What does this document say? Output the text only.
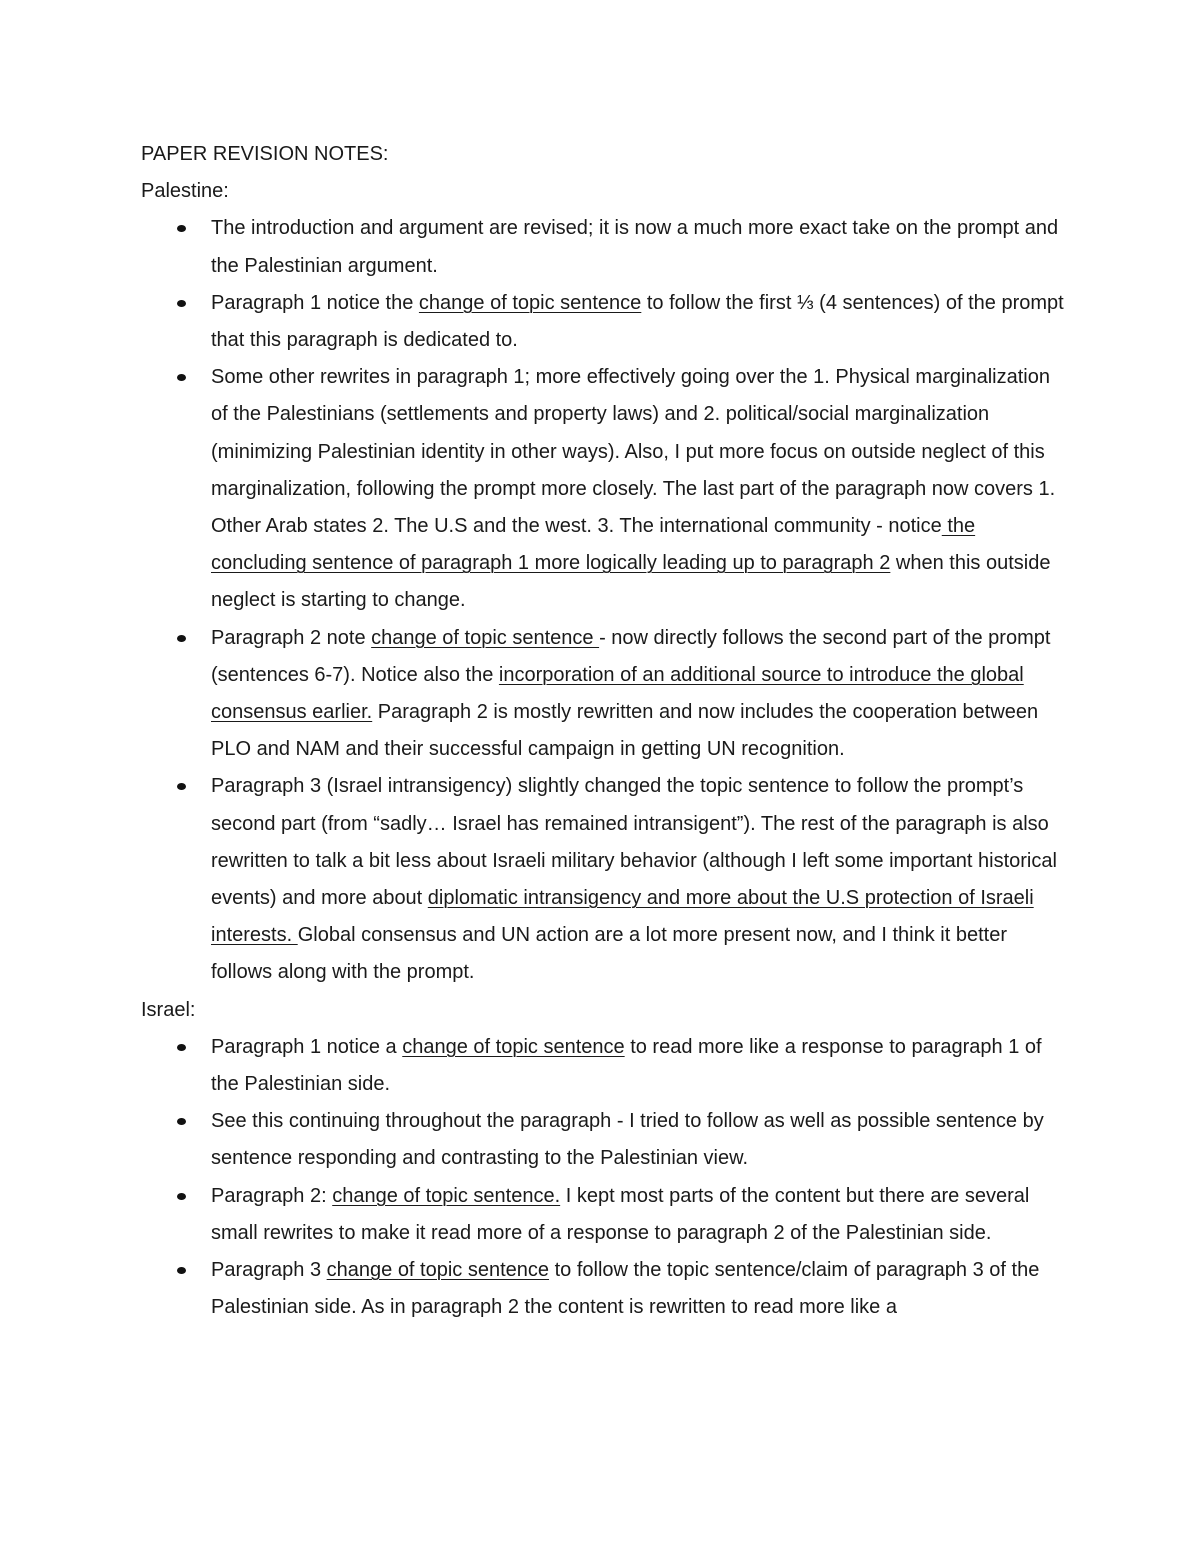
PAPER REVISION NOTES:

Palestine:

The introduction and argument are revised; it is now a much more exact take on the prompt and the Palestinian argument.
Paragraph 1 notice the change of topic sentence to follow the first ⅓ (4 sentences) of the prompt that this paragraph is dedicated to.
Some other rewrites in paragraph 1; more effectively going over the 1. Physical marginalization of the Palestinians (settlements and property laws) and 2. political/social marginalization (minimizing Palestinian identity in other ways). Also, I put more focus on outside neglect of this marginalization, following the prompt more closely. The last part of the paragraph now covers 1. Other Arab states 2. The U.S and the west. 3. The international community - notice the concluding sentence of paragraph 1 more logically leading up to paragraph 2 when this outside neglect is starting to change.
Paragraph 2 note change of topic sentence - now directly follows the second part of the prompt (sentences 6-7). Notice also the incorporation of an additional source to introduce the global consensus earlier. Paragraph 2 is mostly rewritten and now includes the cooperation between PLO and NAM and their successful campaign in getting UN recognition.
Paragraph 3 (Israel intransigency) slightly changed the topic sentence to follow the prompt’s second part (from “sadly… Israel has remained intransigent”). The rest of the paragraph is also rewritten to talk a bit less about Israeli military behavior (although I left some important historical events) and more about diplomatic intransigency and more about the U.S protection of Israeli interests. Global consensus and UN action are a lot more present now, and I think it better follows along with the prompt.

Israel:

Paragraph 1 notice a change of topic sentence to read more like a response to paragraph 1 of the Palestinian side.
See this continuing throughout the paragraph - I tried to follow as well as possible sentence by sentence responding and contrasting to the Palestinian view.
Paragraph 2: change of topic sentence. I kept most parts of the content but there are several small rewrites to make it read more of a response to paragraph 2 of the Palestinian side.
Paragraph 3 change of topic sentence to follow the topic sentence/claim of paragraph 3 of the Palestinian side. As in paragraph 2 the content is rewritten to read more like a
